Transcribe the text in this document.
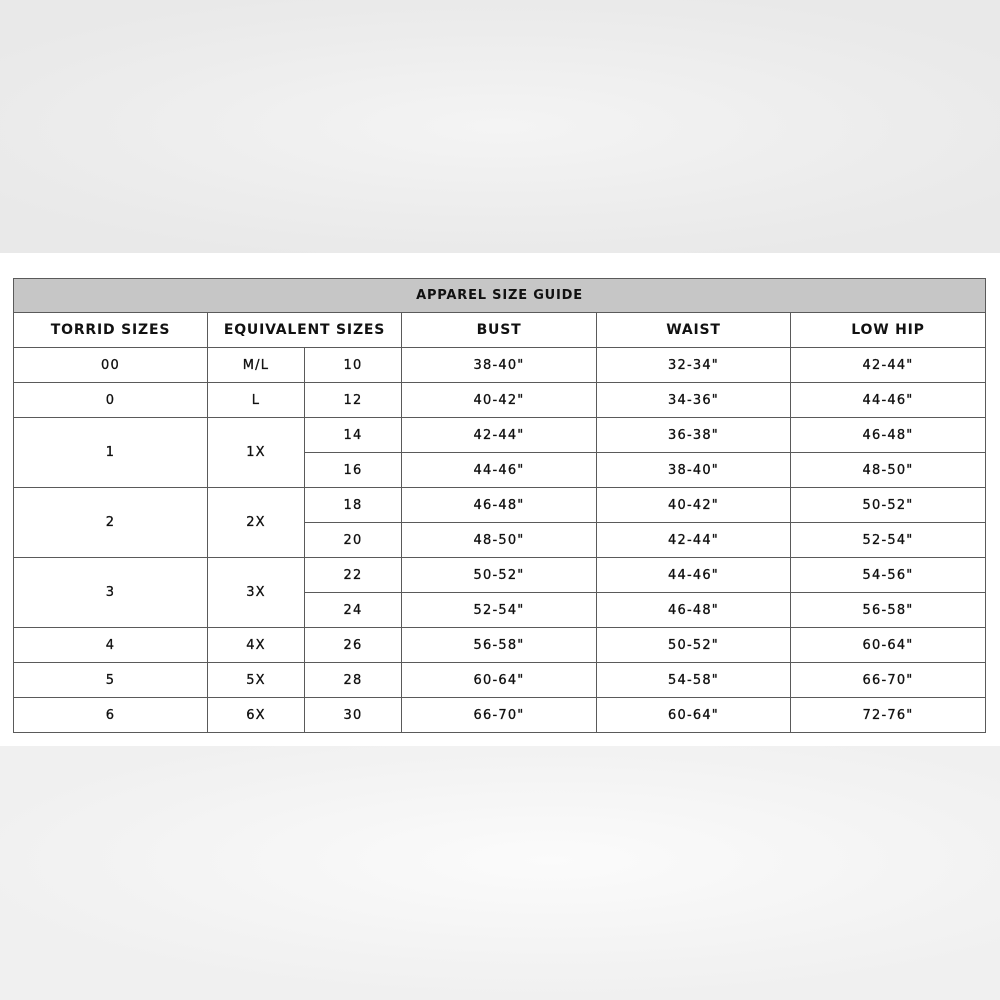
APPAREL SIZE GUIDE					
TORRID SIZES	EQUIVALENT SIZES		BUST	WAIST	LOW HIP
00	M/L	10	38-40"	32-34"	42-44"
0	L	12	40-42"	34-36"	44-46"
1	1X	14	42-44"	36-38"	46-48"
		16	44-46"	38-40"	48-50"
2	2X	18	46-48"	40-42"	50-52"
		20	48-50"	42-44"	52-54"
3	3X	22	50-52"	44-46"	54-56"
		24	52-54"	46-48"	56-58"
4	4X	26	56-58"	50-52"	60-64"
5	5X	28	60-64"	54-58"	66-70"
6	6X	30	66-70"	60-64"	72-76"
